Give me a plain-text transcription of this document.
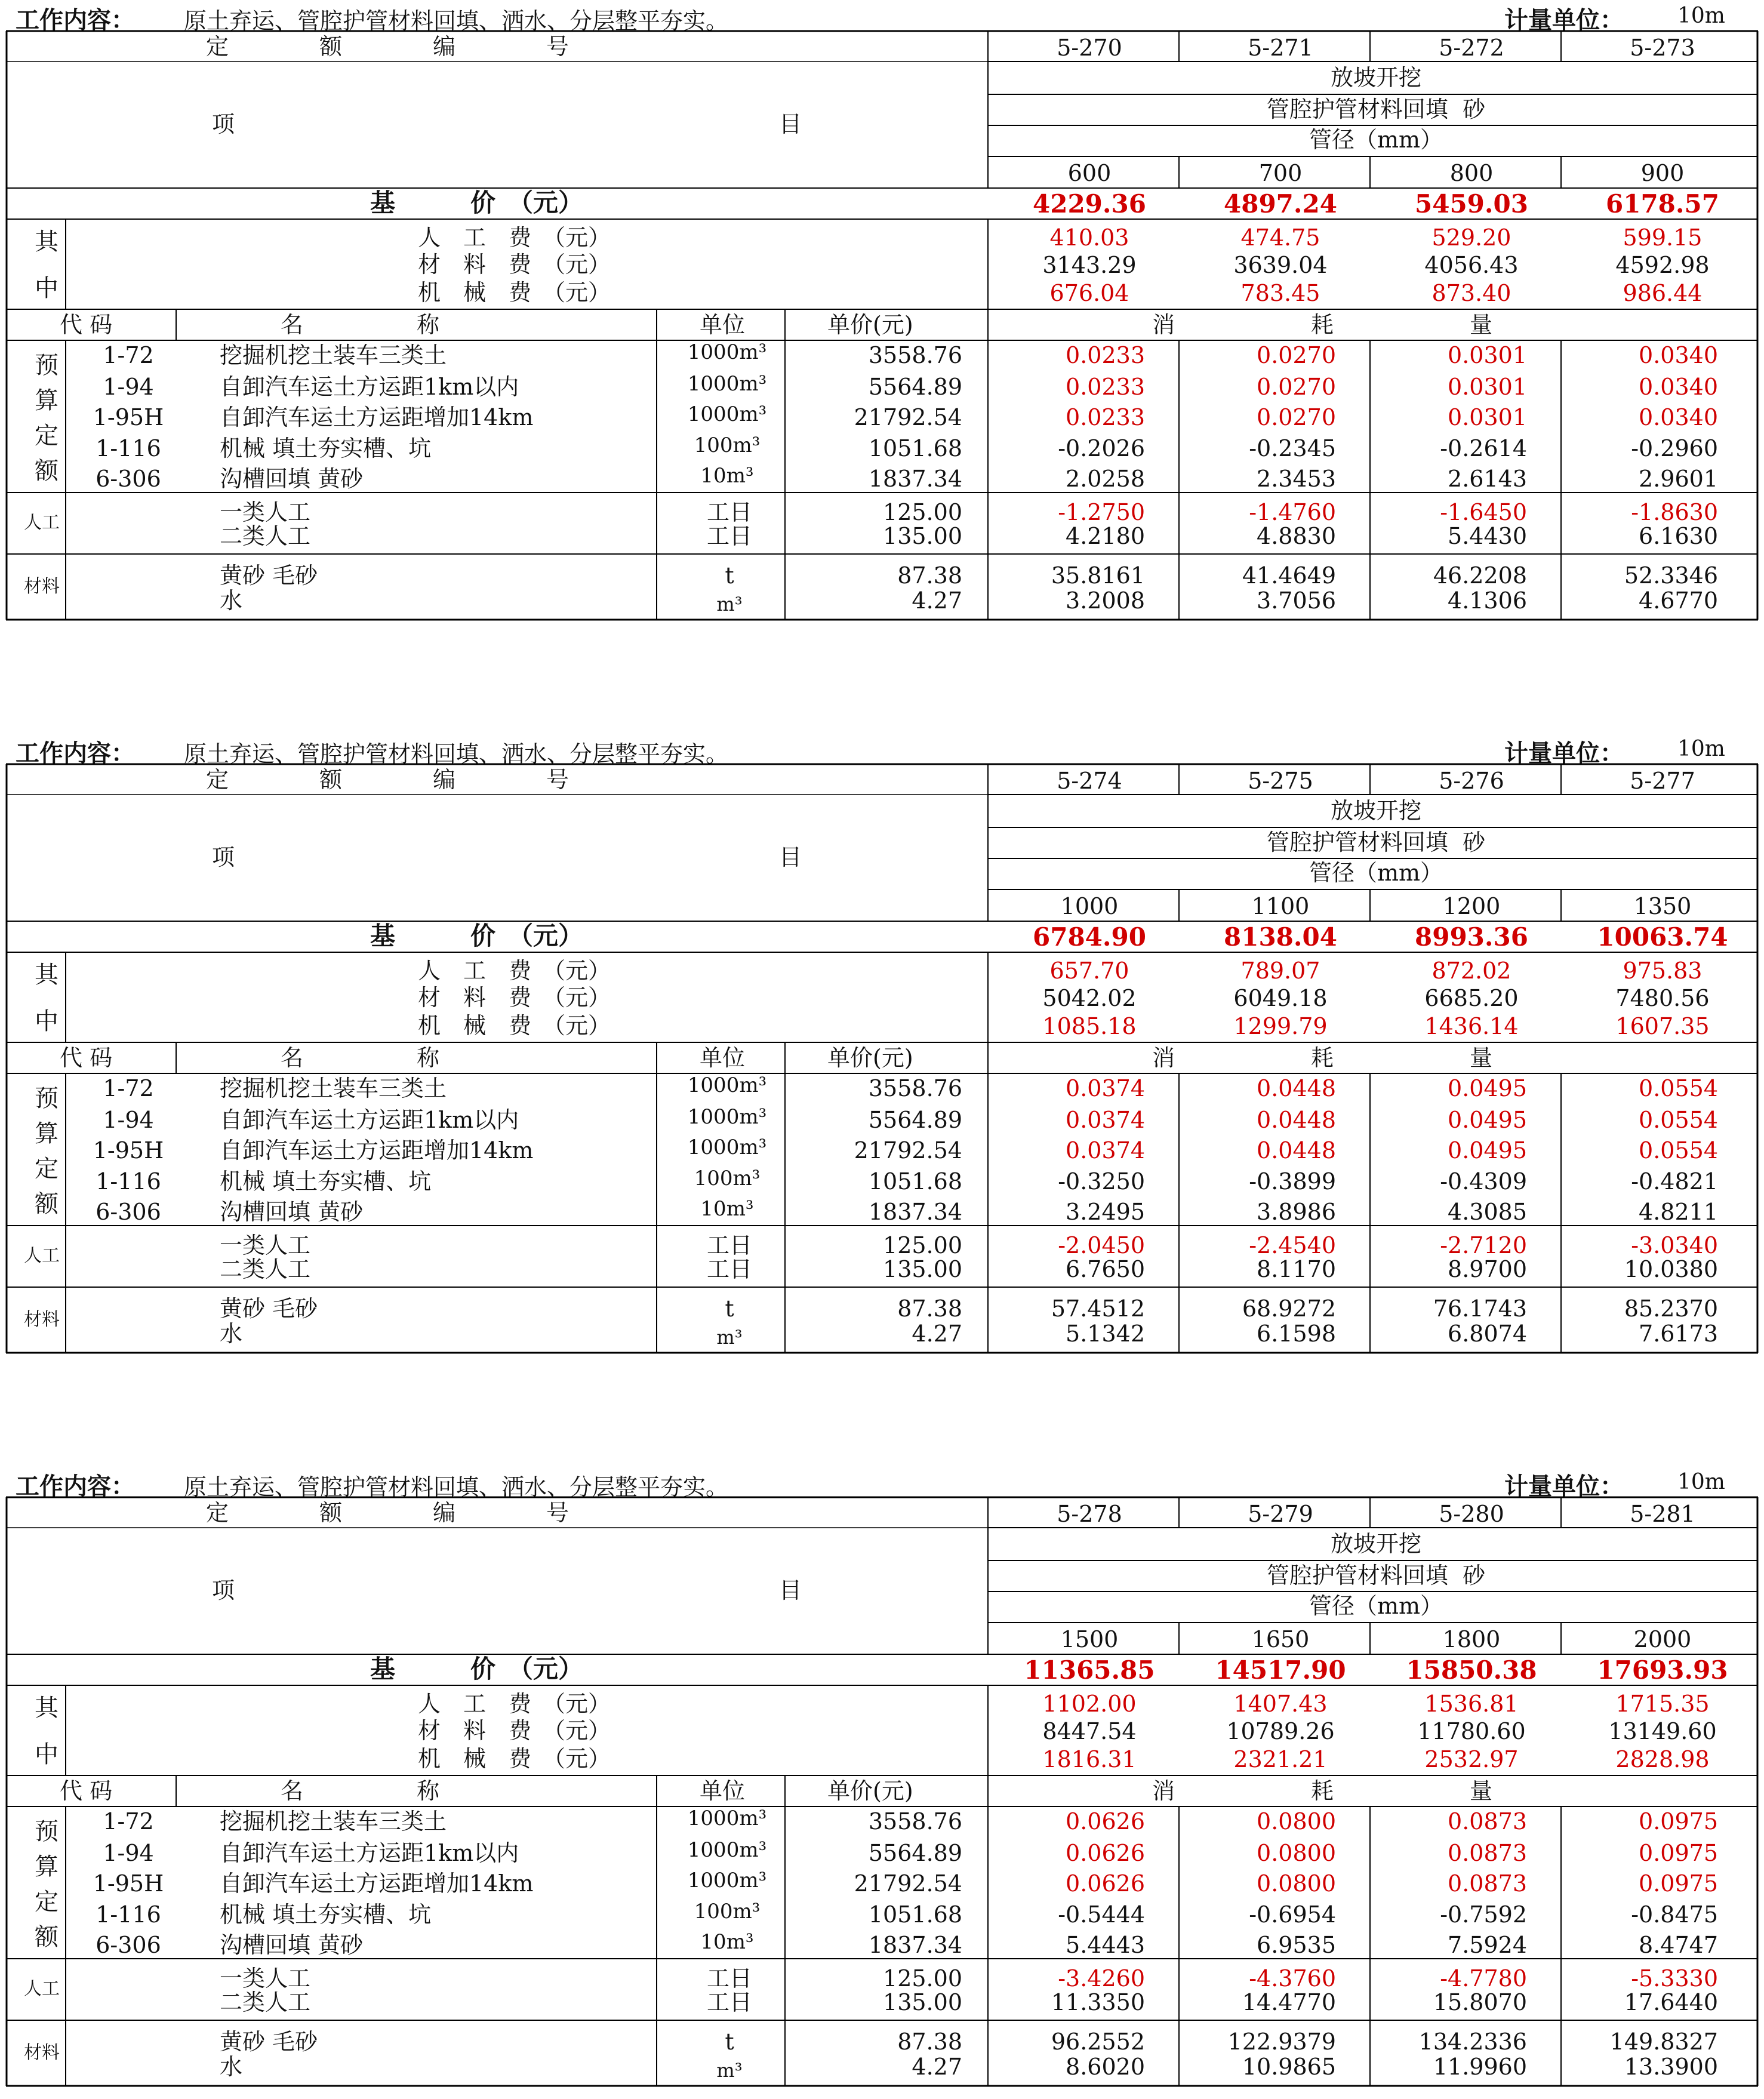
工作内容： 原土弃运、管腔护管材料回填、洒水、分层整平夯实。	计量单位：	10m
定　　　　额　　　　编　　　　号	5-270	5-271	5-272	5-273
项	目
放坡开挖
管腔护管材料回填  砂
管径（mm）
600	700	800	900
基　　　价　（元）	4229.36	4897.24	5459.03	6178.57
其
中
人　工　费　（元）
材　料　费　（元）
机　械　费　（元）
410.03	474.75	529.20	599.15
3143.29	3639.04	4056.43	4592.98
676.04	783.45	873.40	986.44
代 码	名　　　　　称	单位	单价(元)	消　　　　　　耗　　　　　　量
预
算
定
额
1-72	挖掘机挖土装车三类土	1000m³	3558.76	0.0233	0.0270	0.0301	0.0340
1-94	自卸汽车运土方运距1km以内	1000m³	5564.89	0.0233	0.0270	0.0301	0.0340
1-95H 自卸汽车运土方运距增加14km	1000m³	21792.54	0.0233	0.0270	0.0301	0.0340
1-116	机械 填土夯实槽、坑	100m³	1051.68	-0.2026	-0.2345	-0.2614	-0.2960
6-306	沟槽回填 黄砂	10m³	1837.34	2.0258	2.3453	2.6143	2.9601
人工	一类人工	工日	125.00	-1.2750	-1.4760	-1.6450	-1.8630
二类人工	工日	135.00	4.2180	4.8830	5.4430	6.1630
材料	黄砂 毛砂	t	87.38	35.8161	41.4649	46.2208	52.3346
水	m³	4.27	3.2008	3.7056	4.1306	4.6770
工作内容： 原土弃运、管腔护管材料回填、洒水、分层整平夯实。	计量单位：	10m
定　　　　额　　　　编　　　　号	5-274	5-275	5-276	5-277
项	目
放坡开挖
管腔护管材料回填  砂
管径（mm）
1000	1100	1200	1350
基　　　价　（元）	6784.90	8138.04	8993.36	10063.74
其
中
人　工　费　（元）
材　料　费　（元）
机　械　费　（元）
657.70	789.07	872.02	975.83
5042.02	6049.18	6685.20	7480.56
1085.18	1299.79	1436.14	1607.35
代 码	名　　　　　称	单位	单价(元)	消　　　　　　耗　　　　　　量
预
算
定
额
1-72	挖掘机挖土装车三类土	1000m³	3558.76	0.0374	0.0448	0.0495	0.0554
1-94	自卸汽车运土方运距1km以内	1000m³	5564.89	0.0374	0.0448	0.0495	0.0554
1-95H 自卸汽车运土方运距增加14km	1000m³	21792.54	0.0374	0.0448	0.0495	0.0554
1-116	机械 填土夯实槽、坑	100m³	1051.68	-0.3250	-0.3899	-0.4309	-0.4821
6-306	沟槽回填 黄砂	10m³	1837.34	3.2495	3.8986	4.3085	4.8211
人工	一类人工	工日	125.00	-2.0450	-2.4540	-2.7120	-3.0340
二类人工	工日	135.00	6.7650	8.1170	8.9700	10.0380
材料	黄砂 毛砂	t	87.38	57.4512	68.9272	76.1743	85.2370
水	m³	4.27	5.1342	6.1598	6.8074	7.6173
工作内容： 原土弃运、管腔护管材料回填、洒水、分层整平夯实。	计量单位：	10m
定　　　　额　　　　编　　　　号	5-278	5-279	5-280	5-281
项	目
放坡开挖
管腔护管材料回填  砂
管径（mm）
1500	1650	1800	2000
基　　　价　（元）	11365.85 14517.90 15850.38 17693.93
其
中
人　工　费　（元）
材　料　费　（元）
机　械　费　（元）
1102.00	1407.43	1536.81	1715.35
8447.54	10789.26	11780.60	13149.60
1816.31	2321.21	2532.97	2828.98
代 码	名　　　　　称	单位	单价(元)	消　　　　　　耗　　　　　　量
预
算
定
额
1-72	挖掘机挖土装车三类土	1000m³	3558.76	0.0626	0.0800	0.0873	0.0975
1-94	自卸汽车运土方运距1km以内	1000m³	5564.89	0.0626	0.0800	0.0873	0.0975
1-95H 自卸汽车运土方运距增加14km	1000m³	21792.54	0.0626	0.0800	0.0873	0.0975
1-116	机械 填土夯实槽、坑	100m³	1051.68	-0.5444	-0.6954	-0.7592	-0.8475
6-306	沟槽回填 黄砂	10m³	1837.34	5.4443	6.9535	7.5924	8.4747
人工	一类人工	工日	125.00	-3.4260	-4.3760	-4.7780	-5.3330
二类人工	工日	135.00	11.3350	14.4770	15.8070	17.6440
材料	黄砂 毛砂	t	87.38	96.2552	122.9379	134.2336	149.8327
水	m³	4.27	8.6020	10.9865	11.9960	13.3900
